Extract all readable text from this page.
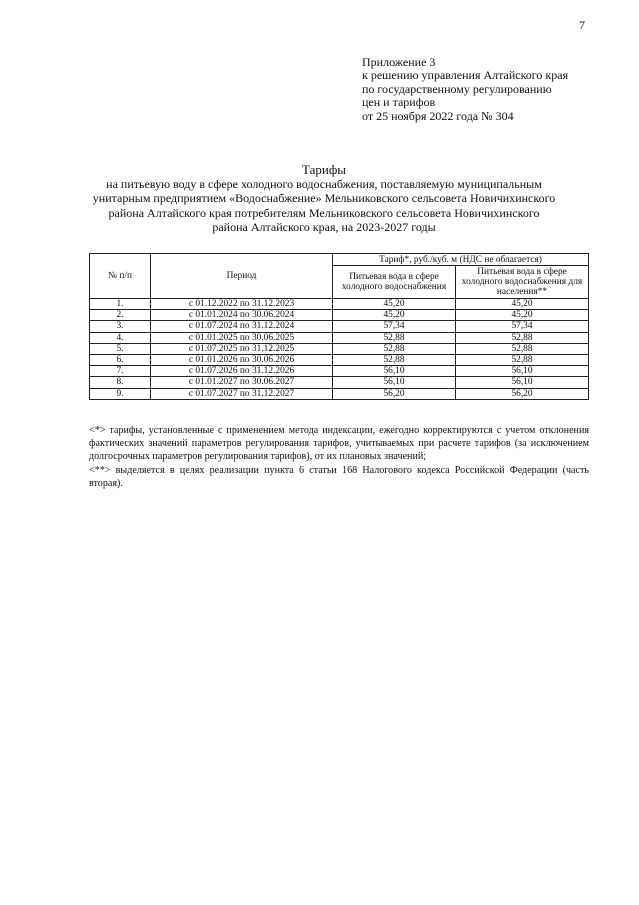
7
Приложение 3
к решению управления Алтайского края
по государственному регулированию
цен и тарифов
от 25 ноября 2022 года № 304
Тарифы
на питьевую воду в сфере холодного водоснабжения, поставляемую муниципальным
унитарным предприятием «Водоснабжение» Мельниковского сельсовета Новичихинского
района Алтайского края потребителям Мельниковского сельсовета Новичихинского
района Алтайского края, на 2023-2027 годы
№ п/п	Период	Тариф*, руб./куб. м (НДС не облагается)	
		Питьевая вода в сфере холодного водоснабжения	Питьевая вода в сфере холодного водоснабжения для населения**
1.	с 01.12.2022 по 31.12.2023	45,20	45,20
2.	с 01.01.2024 по 30.06.2024	45,20	45,20
3.	с 01.07.2024 по 31.12.2024	57,34	57,34
4.	с 01.01.2025 по 30.06.2025	52,88	52,88
5.	с 01.07.2025 по 31.12.2025	52,88	52,88
6.	с 01.01.2026 по 30.06.2026	52,88	52,88
7.	с 01.07.2026 по 31.12.2026	56,10	56,10
8.	с 01.01.2027 по 30.06.2027	56,10	56,10
9.	с 01.07.2027 по 31.12.2027	56,20	56,20

<*> тарифы, установленные с применением метода индексации, ежегодно корректируются с учетом отклонения фактических значений параметров регулирования тарифов, учитываемых при расчете тарифов (за исключением долгосрочных параметров регулирования тарифов), от их плановых значений;

<**> выделяется в целях реализации пункта 6 статьи 168 Налогового кодекса Российской Федерации (часть вторая).
